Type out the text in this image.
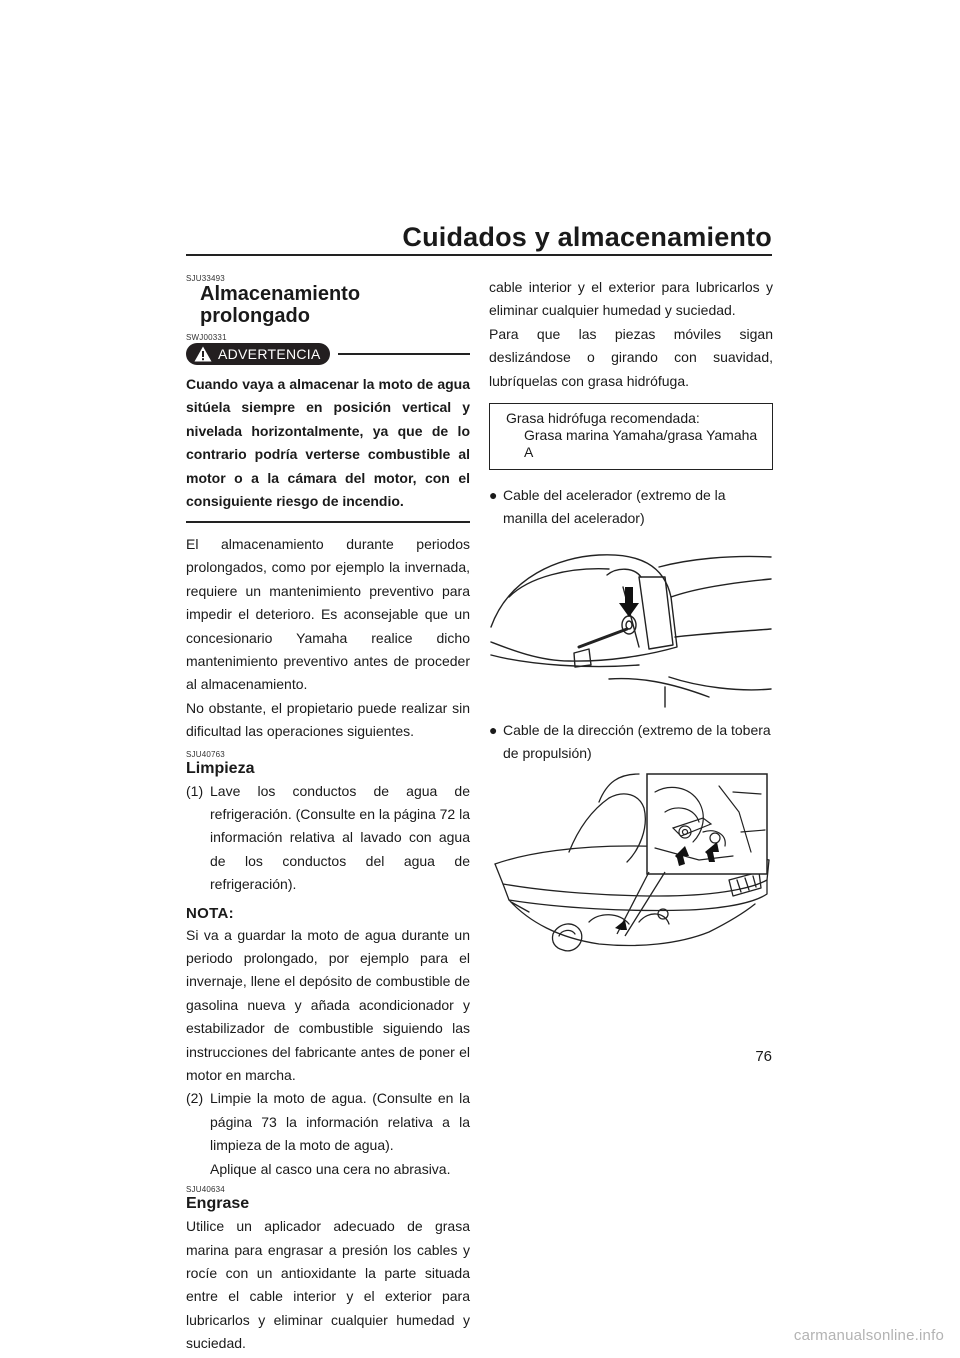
Cuidados y almacenamiento

SJU33493

Almacenamiento prolongado

SWJ00331

ADVERTENCIA

Cuando vaya a almacenar la moto de agua sitúela siempre en posición vertical y nivelada horizontalmente, ya que de lo contrario podría verterse combustible al motor o a la cámara del motor, con el consiguiente riesgo de incendio.

El almacenamiento durante periodos prolongados, como por ejemplo la invernada, requiere un mantenimiento preventivo para impedir el deterioro. Es aconsejable que un concesionario Yamaha realice dicho mantenimiento preventivo antes de proceder al almacenamiento.

No obstante, el propietario puede realizar sin dificultad las operaciones siguientes.

SJU40763

Limpieza
(1) Lave los conductos de agua de refrigeración. (Consulte en la página 72 la información relativa al lavado con agua de los conductos del agua de refrigeración).
NOTA:

Si va a guardar la moto de agua durante un periodo prolongado, por ejemplo para el invernaje, llene el depósito de combustible de gasolina nueva y añada acondicionador y estabilizador de combustible siguiendo las instrucciones del fabricante antes de poner el motor en marcha.

(2) Limpie la moto de agua. (Consulte en la página 73 la información relativa a la limpieza de la moto de agua).
Aplique al casco una cera no abrasiva.

SJU40634

Engrase

Utilice un aplicador adecuado de grasa marina para engrasar a presión los cables y rocíe con un antioxidante la parte situada entre el cable interior y el exterior para lubricarlos y eliminar cualquier humedad y suciedad.

cable interior y el exterior para lubricarlos y eliminar cualquier humedad y suciedad.

Para que las piezas móviles sigan deslizándose o girando con suavidad, lubríquelas con grasa hidrófuga.

Grasa hidrófuga recomendada:
Grasa marina Yamaha/grasa Yamaha A
● Cable del acelerador (extremo de la manilla del acelerador)
● Cable de la dirección (extremo de la tobera de propulsión)
76
carmanualsonline.info
